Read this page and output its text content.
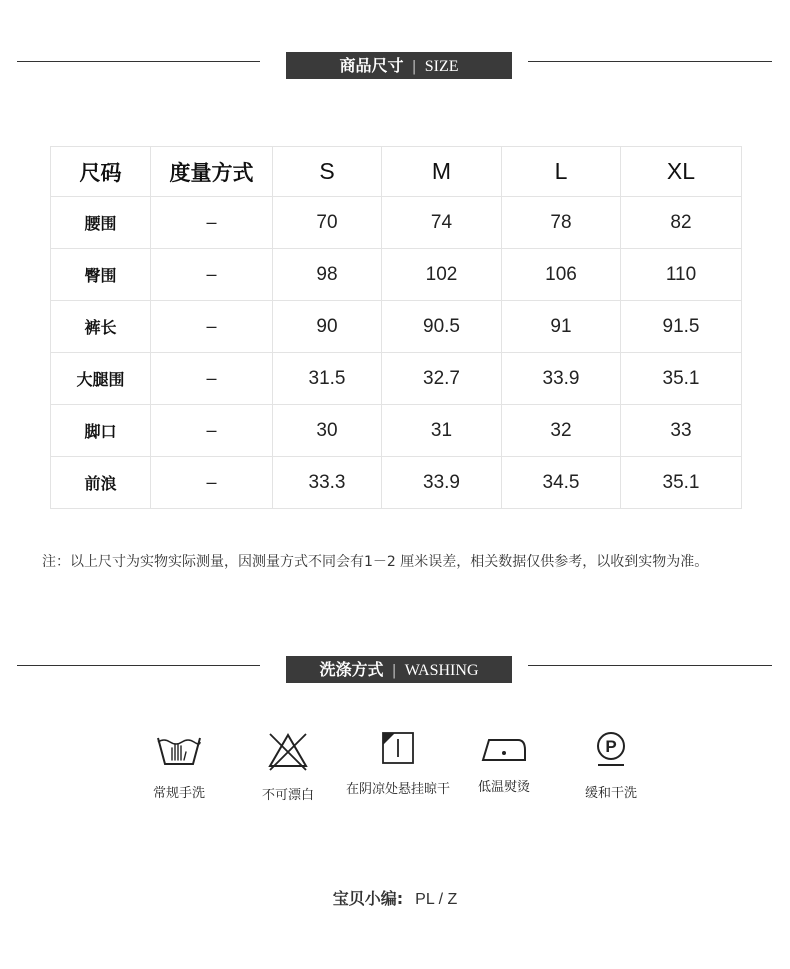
商品尺寸 | SIZE
尺码	度量方式	S	M	L	XL
腰围	–	70	74	78	82
臀围	–	98	102	106	110
裤长	–	90	90.5	91	91.5
大腿围	–	31.5	32.7	33.9	35.1
脚口	–	30	31	32	33
前浪	–	33.3	33.9	34.5	35.1
注：以上尺寸为实物实际测量，因测量方式不同会有1－2 厘米误差，相关数据仅供参考，以收到实物为准。
洗涤方式 | WASHING
常规手洗	不可漂白	在阴凉处悬挂晾干	低温熨烫
P
缓和干洗
宝贝小编: PL / Z
